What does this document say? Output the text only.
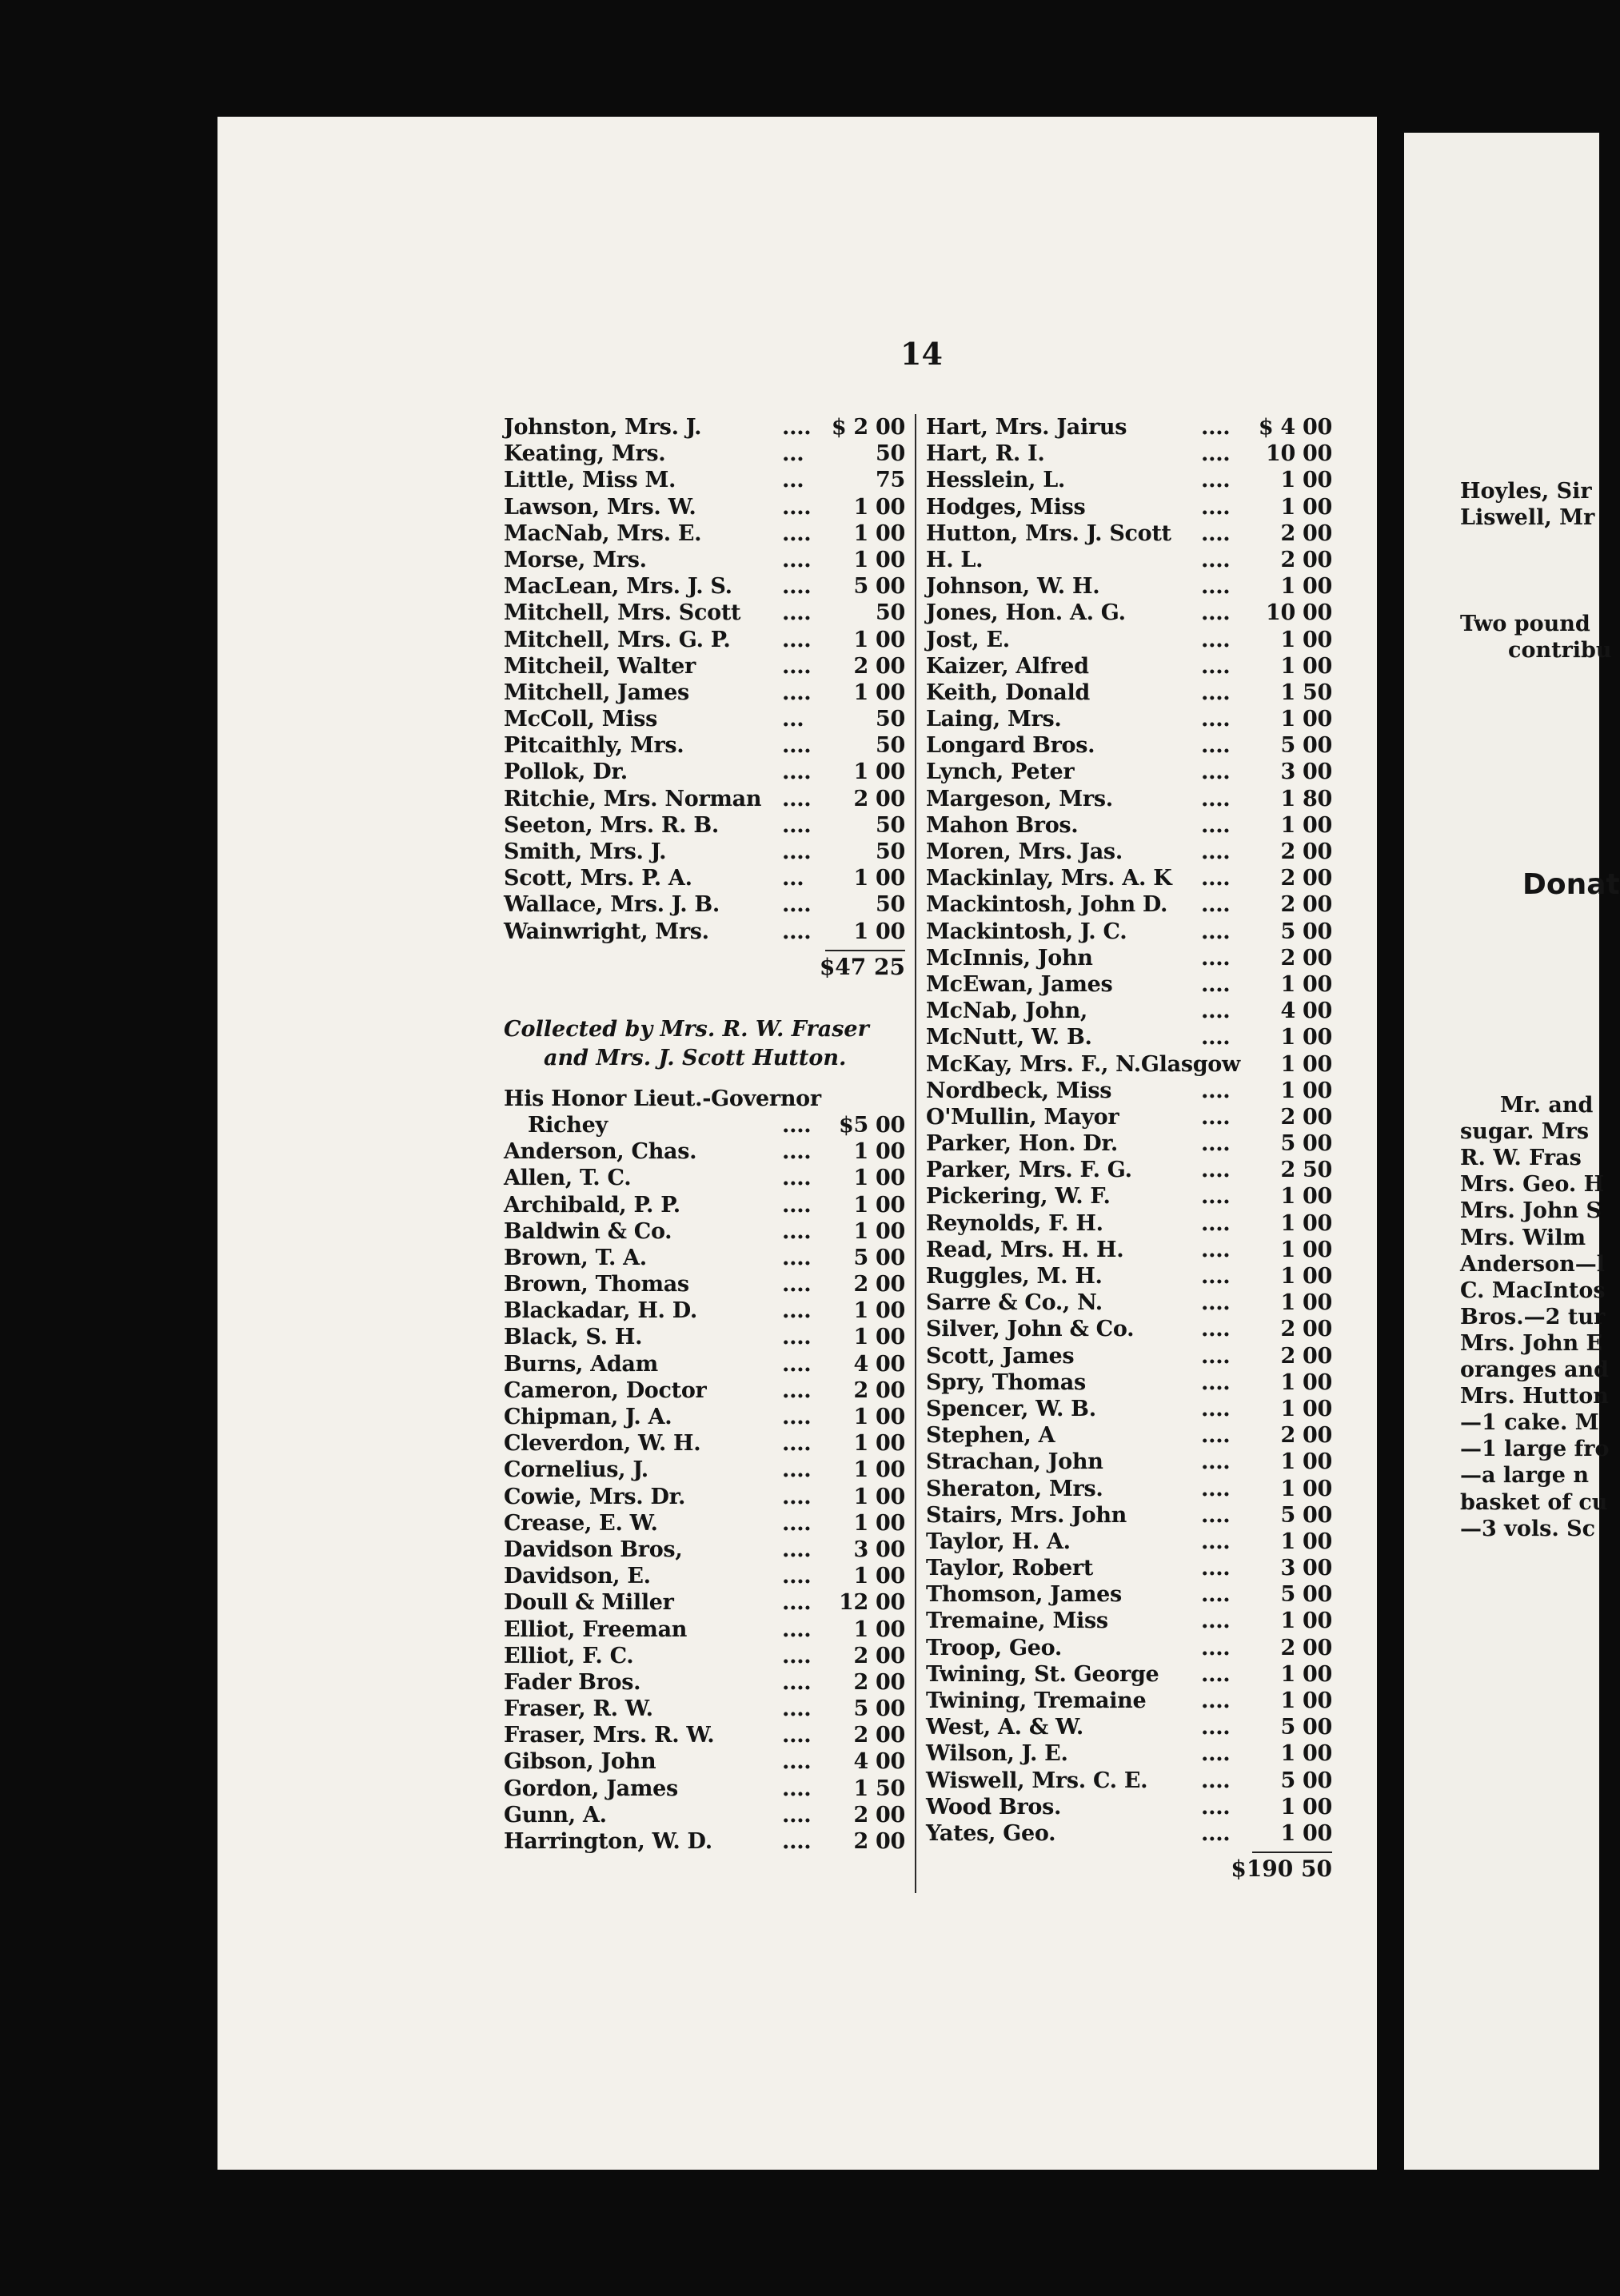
14
Johnston, Mrs. J.	.... $ 2 00
Keating, Mrs.	...	50
Little, Miss M.	...	75
Lawson, Mrs. W.	.... 1 00
MacNab, Mrs. E.	.... 1 00
Morse, Mrs.	.... 1 00
MacLean, Mrs. J. S. .... 5 00
Mitchell, Mrs. Scott ....	50
Mitchell, Mrs. G. P. .... 1 00
Mitcheil, Walter	.... 2 00
Mitchell, James	.... 1 00
McColl, Miss	...	50
Pitcaithly, Mrs.	....	50
Pollok, Dr.	.... 1 00
Ritchie, Mrs. Norman .... 2 00
Seeton, Mrs. R. B.	....	50
Smith, Mrs. J.	....	50
Scott, Mrs. P. A.	... 1 00
Wallace, Mrs. J. B.	....	50
Wainwright, Mrs.	.... 1 00
$47 25
Collected by Mrs. R. W. Fraser
and Mrs. J. Scott Hutton.
His Honor Lieut.-Governor
Richey	.... $5 00
Anderson, Chas.	.... 1 00
Allen, T. C.	.... 1 00
Archibald, P. P.	.... 1 00
Baldwin & Co.	.... 1 00
Brown, T. A.	.... 5 00
Brown, Thomas	.... 2 00
Blackadar, H. D.	.... 1 00
Black, S. H.	.... 1 00
Burns, Adam	.... 4 00
Cameron, Doctor	.... 2 00
Chipman, J. A.	.... 1 00
Cleverdon, W. H.	.... 1 00
Cornelius, J.	.... 1 00
Cowie, Mrs. Dr.	.... 1 00
Crease, E. W.	.... 1 00
Davidson Bros,	.... 3 00
Davidson, E.	.... 1 00
Doull & Miller	.... 12 00
Elliot, Freeman	.... 1 00
Elliot, F. C.	.... 2 00
Fader Bros.	.... 2 00
Fraser, R. W.	.... 5 00
Fraser, Mrs. R. W.	.... 2 00
Gibson, John	.... 4 00
Gordon, James	.... 1 50
Gunn, A.	.... 2 00
Harrington, W. D.	.... 2 00
Hart, Mrs. Jairus	.... $ 4 00
Hart, R. I.	.... 10 00
Hesslein, L.	.... 1 00
Hodges, Miss	.... 1 00
Hutton, Mrs. J. Scott .... 2 00
H. L.	.... 2 00
Johnson, W. H.	.... 1 00
Jones, Hon. A. G.	.... 10 00
Jost, E.	.... 1 00
Kaizer, Alfred	.... 1 00
Keith, Donald	.... 1 50
Laing, Mrs.	.... 1 00
Longard Bros.	.... 5 00
Lynch, Peter	.... 3 00
Margeson, Mrs.	.... 1 80
Mahon Bros.	.... 1 00
Moren, Mrs. Jas.	.... 2 00
Mackinlay, Mrs. A. K .... 2 00
Mackintosh, John D. .... 2 00
Mackintosh, J. C.	.... 5 00
McInnis, John	.... 2 00
McEwan, James	.... 1 00
McNab, John,	.... 4 00
McNutt, W. B.	.... 1 00
McKay, Mrs. F., N.Glasgow 1 00
Nordbeck, Miss	.... 1 00
O'Mullin, Mayor	.... 2 00
Parker, Hon. Dr.	.... 5 00
Parker, Mrs. F. G.	.... 2 50
Pickering, W. F.	.... 1 00
Reynolds, F. H.	.... 1 00
Read, Mrs. H. H.	.... 1 00
Ruggles, M. H.	.... 1 00
Sarre & Co., N.	.... 1 00
Silver, John & Co.	.... 2 00
Scott, James	.... 2 00
Spry, Thomas	.... 1 00
Spencer, W. B.	.... 1 00
Stephen, A	.... 2 00
Strachan, John	.... 1 00
Sheraton, Mrs.	.... 1 00
Stairs, Mrs. John	.... 5 00
Taylor, H. A.	.... 1 00
Taylor, Robert	.... 3 00
Thomson, James	.... 5 00
Tremaine, Miss	.... 1 00
Troop, Geo.	.... 2 00
Twining, St. George .... 1 00
Twining, Tremaine	.... 1 00
West, A. & W.	.... 5 00
Wilson, J. E.	.... 1 00
Wiswell, Mrs. C. E. .... 5 00
Wood Bros.	.... 1 00
Yates, Geo.	.... 1 00
$190 50
Hoyles, Sir
Liswell, Mr
Two pound
contribu
Donat
Mr. and
sugar. Mrs
R. W. Fras
Mrs. Geo. H
Mrs. John S
Mrs. Wilm
Anderson—l
C. MacIntos
Bros.—2 tur
Mrs. John E
oranges and
Mrs. Hutton
—1 cake. M
—1 large fro
—a large n
basket of cu
—3 vols. Sc
